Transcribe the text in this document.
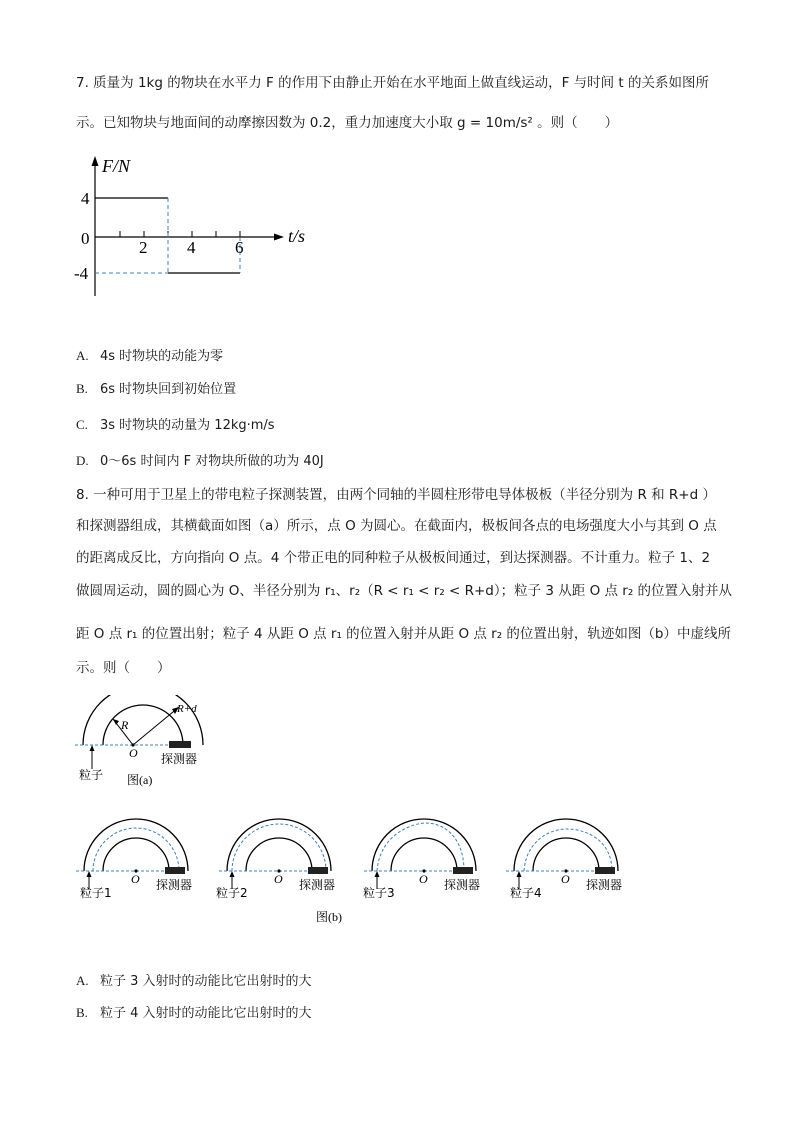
7. 质量为 1kg 的物块在水平力 F 的作用下由静止开始在水平地面上做直线运动，F 与时间 t 的关系如图所
示。已知物块与地面间的动摩擦因数为 0.2，重力加速度大小取 g = 10m/s² 。则（　　）
F/N
t/s
4
0
-4
2 4 6
A. 4s 时物块的动能为零
B. 6s 时物块回到初始位置
C. 3s 时物块的动量为 12kg·m/s
D. 0～6s 时间内 F 对物块所做的功为 40J
8. 一种可用于卫星上的带电粒子探测装置，由两个同轴的半圆柱形带电导体极板（半径分别为 R 和 R+d ）
和探测器组成，其横截面如图（a）所示，点 O 为圆心。在截面内，极板间各点的电场强度大小与其到 O 点
的距离成反比，方向指向 O 点。4 个带正电的同种粒子从极板间通过，到达探测器。不计重力。粒子 1、2
做圆周运动，圆的圆心为 O、半径分别为 r₁、r₂（R < r₁ < r₂ < R+d）；粒子 3 从距 O 点 r₂ 的位置入射并从
距 O 点 r₁ 的位置出射；粒子 4 从距 O 点 r₁ 的位置入射并从距 O 点 r₂ 的位置出射，轨迹如图（b）中虚线所
示。则（　　）
R
R+d
O
粒子
探测器
图(a)
粒子1	粒子2	粒子3	粒子4
O	O	O	O
探测器	探测器	探测器	探测器
图(b)
A. 粒子 3 入射时的动能比它出射时的大
B. 粒子 4 入射时的动能比它出射时的大
